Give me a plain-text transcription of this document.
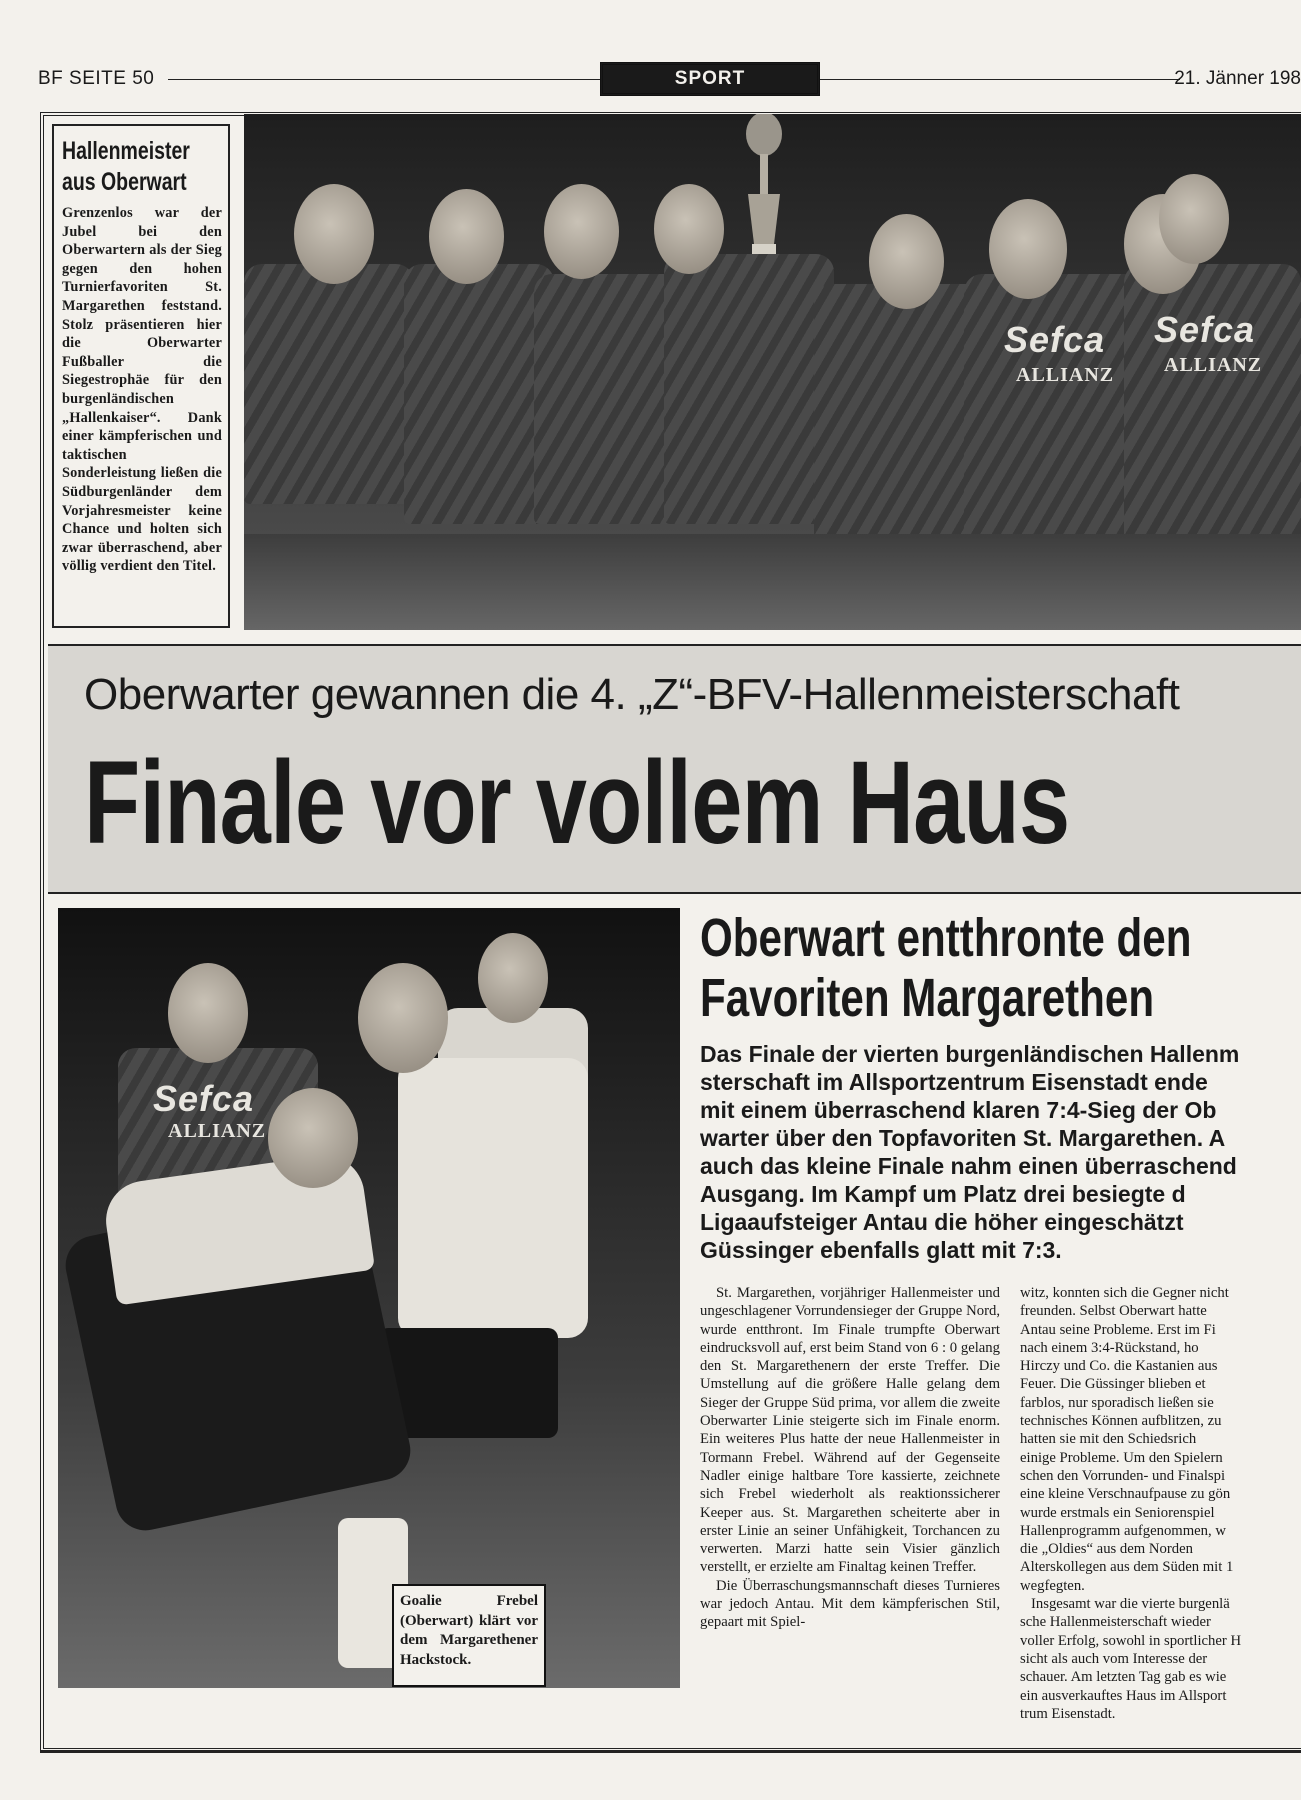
BF SEITE 50	SPORT	21. Jänner 198
Sefca
ALLIANZ
Sefca
ALLIANZ
Hallenmeister
aus Oberwart

Grenzenlos war der Jubel bei den Oberwartern als der Sieg gegen den hohen Turnierfavoriten St. Margarethen feststand. Stolz präsentieren hier die Oberwarter Fußballer die Siegestrophäe für den burgenländischen „Hallenkaiser“. Dank einer kämpferischen und taktischen Sonderleistung ließen die Südburgenländer dem Vorjahresmeister keine Chance und holten sich zwar überraschend, aber völlig verdient den Titel.

Oberwarter gewannen die 4. „Z“-BFV-Hallenmeisterschaft
Finale vor vollem Haus
Sefca
ALLIANZ

Goalie Frebel (Oberwart) klärt vor dem Margarethener Hackstock.

Oberwart entthronte den
Favoriten Margarethen

Das Finale der vierten burgenländischen Hallenm

sterschaft im Allsportzentrum Eisenstadt ende

mit einem überraschend klaren 7:4-Sieg der Ob

warter über den Topfavoriten St. Margarethen. A

auch das kleine Finale nahm einen überraschend

Ausgang. Im Kampf um Platz drei besiegte d

Ligaaufsteiger Antau die höher eingeschätzt

Güssinger ebenfalls glatt mit 7:3.

St. Margarethen, vorjähriger Hallenmeister und ungeschlagener Vorrundensieger der Gruppe Nord, wurde entthront. Im Finale trumpfte Oberwart eindrucksvoll auf, erst beim Stand von 6 : 0 gelang den St. Margarethenern der erste Treffer. Die Umstellung auf die größere Halle gelang dem Sieger der Gruppe Süd prima, vor allem die zweite Oberwarter Linie steigerte sich im Finale enorm. Ein weiteres Plus hatte der neue Hallenmeister in Tormann Frebel. Während auf der Gegenseite Nadler einige haltbare Tore kassierte, zeichnete sich Frebel wiederholt als reaktionssicherer Keeper aus. St. Margarethen scheiterte aber in erster Linie an seiner Unfähigkeit, Torchancen zu verwerten. Marzi hatte sein Visier gänzlich verstellt, er erzielte am Finaltag keinen Treffer.

Die Überraschungsmannschaft dieses Turnieres war jedoch Antau. Mit dem kämpferischen Stil, gepaart mit Spiel-

witz, konnten sich die Gegner nicht

freunden. Selbst Oberwart hatte

Antau seine Probleme. Erst im Fi

nach einem 3:4-Rückstand, ho

Hirczy und Co. die Kastanien aus

Feuer. Die Güssinger blieben et

farblos, nur sporadisch ließen sie

technisches Können aufblitzen, zu

hatten sie mit den Schiedsrich

einige Probleme. Um den Spielern

schen den Vorrunden- und Finalspi

eine kleine Verschnaufpause zu gön

wurde erstmals ein Seniorenspiel

Hallenprogramm aufgenommen, w

die „Oldies“ aus dem Norden

Alterskollegen aus dem Süden mit 1

wegfegten.

Insgesamt war die vierte burgenlä

sche Hallenmeisterschaft wieder

voller Erfolg, sowohl in sportlicher H

sicht als auch vom Interesse der

schauer. Am letzten Tag gab es wie

ein ausverkauftes Haus im Allsport

trum Eisenstadt.
